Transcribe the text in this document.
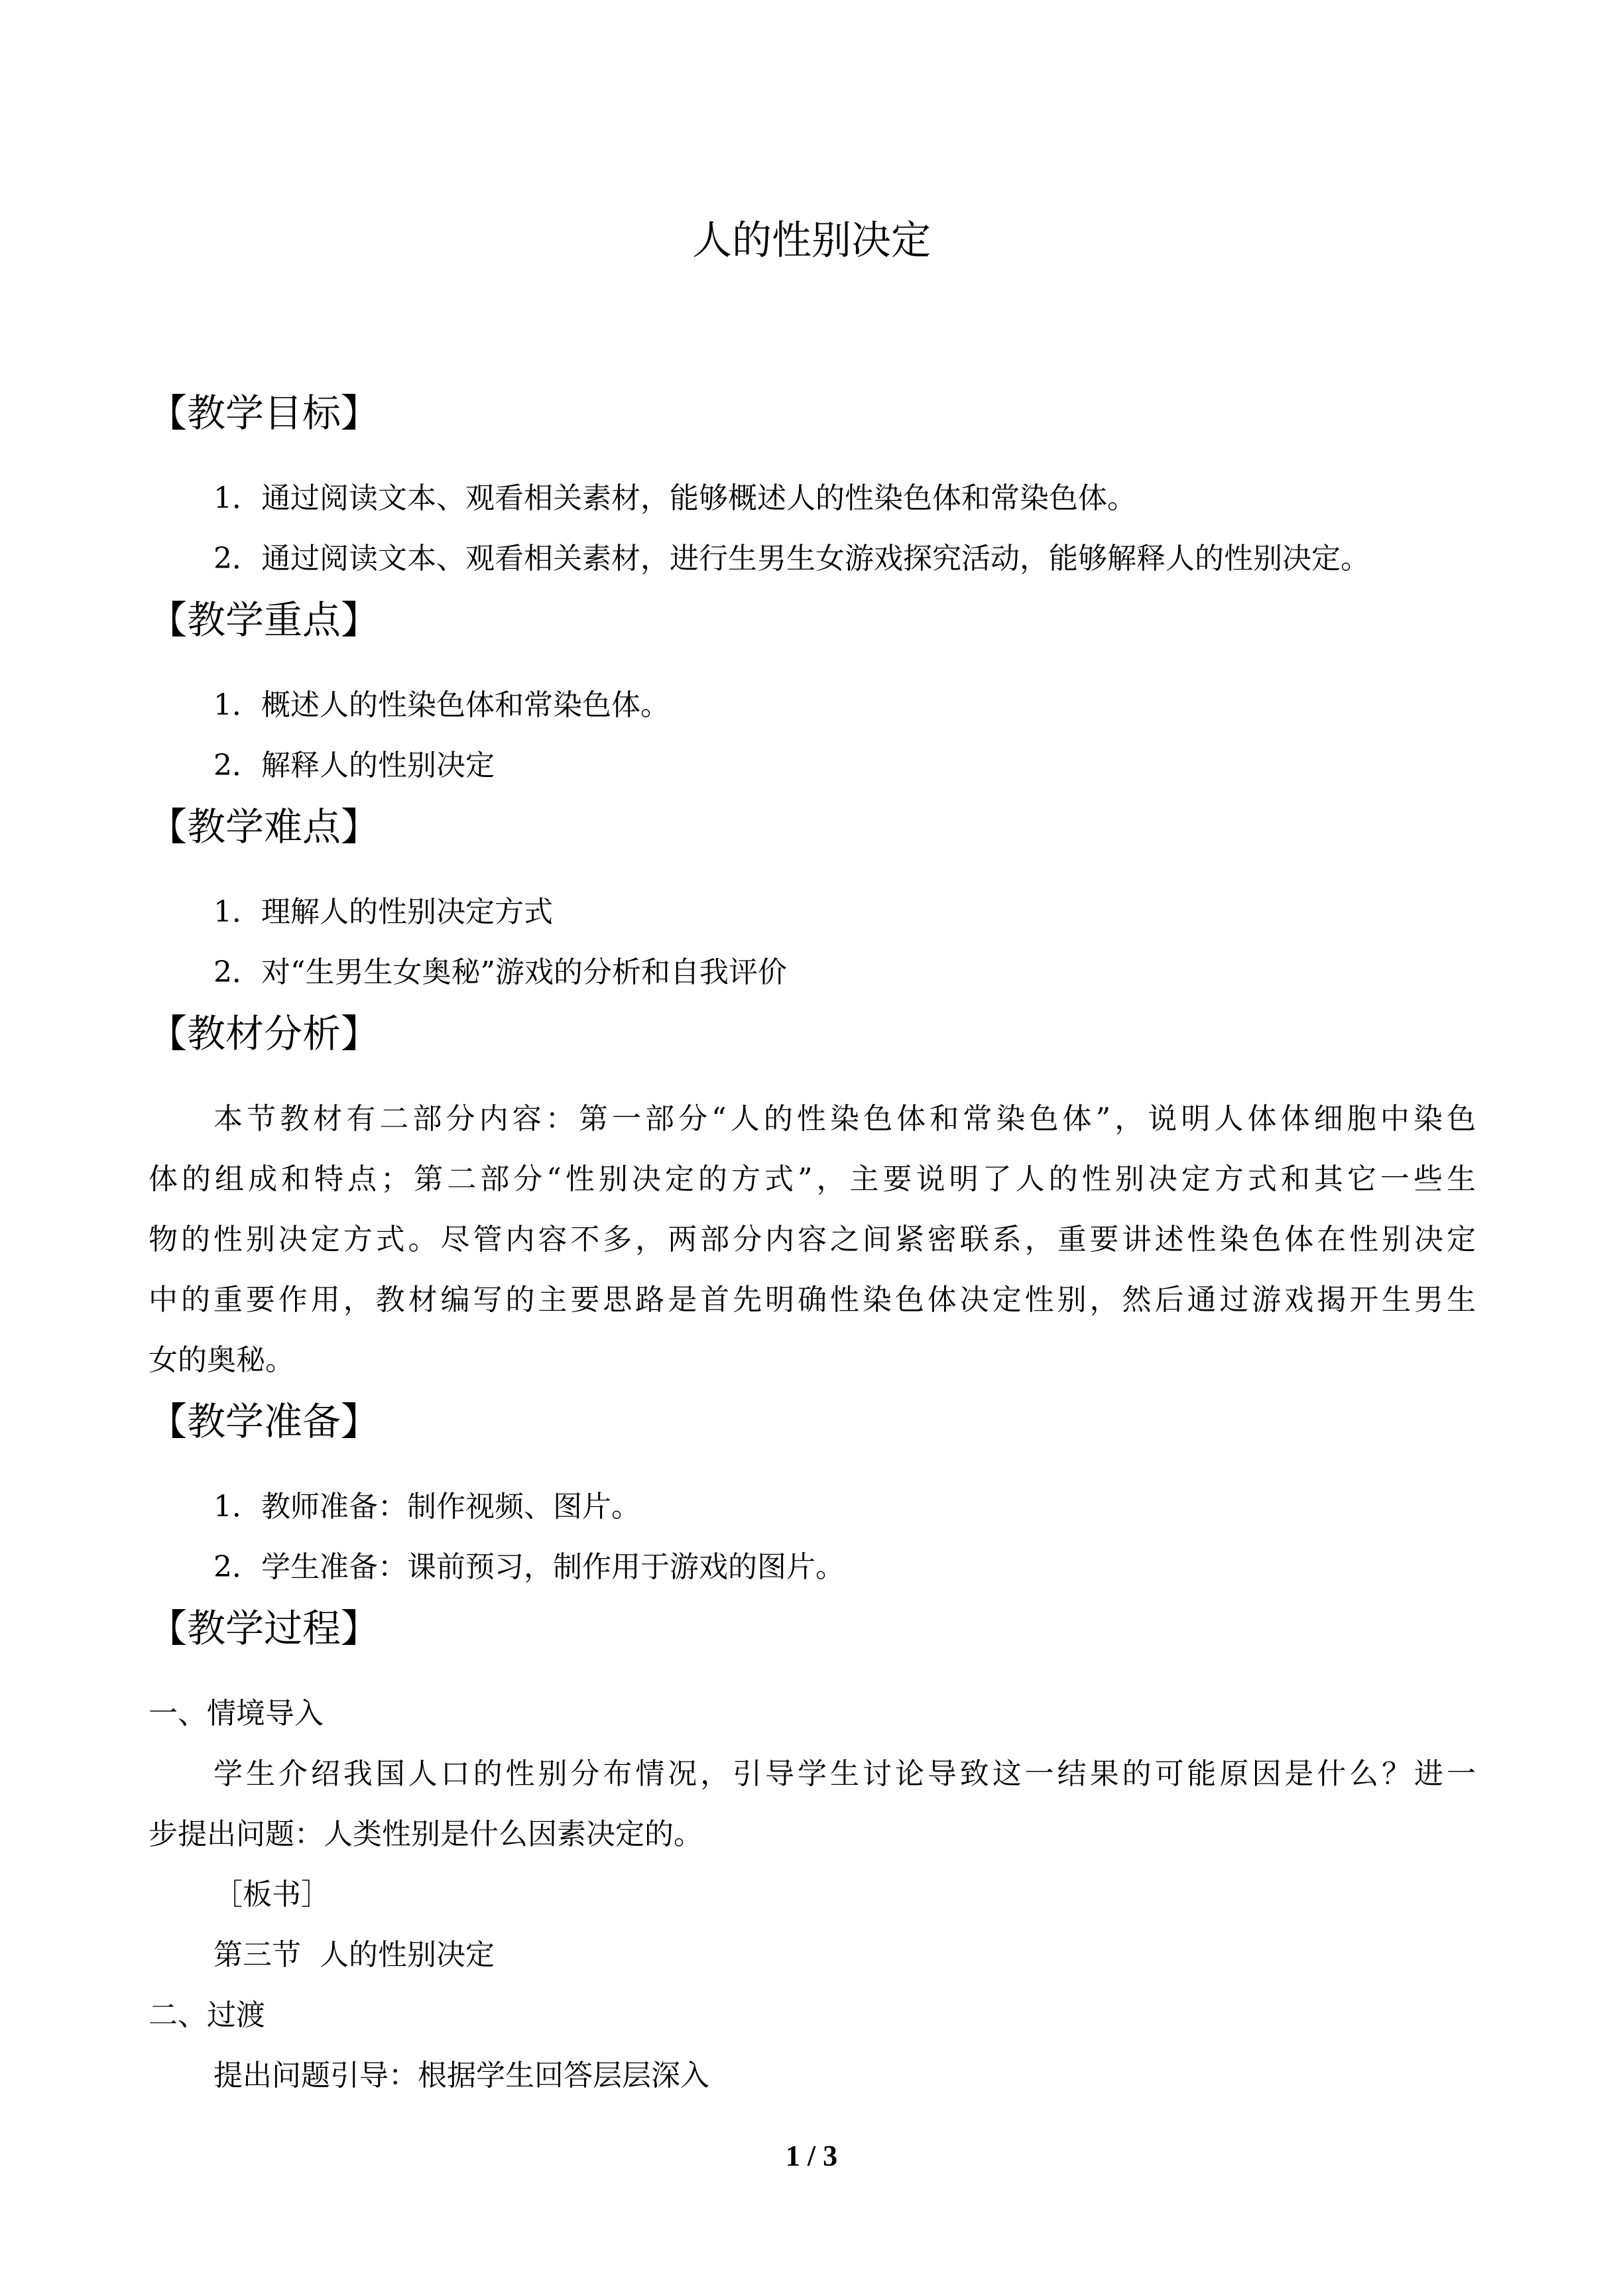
人的性别决定
【教学目标】
1．通过阅读文本、观看相关素材，能够概述人的性染色体和常染色体。
2．通过阅读文本、观看相关素材，进行生男生女游戏探究活动，能够解释人的性别决定。
【教学重点】
1．概述人的性染色体和常染色体。
2．解释人的性别决定
【教学难点】
1．理解人的性别决定方式
2．对“生男生女奥秘”游戏的分析和自我评价
【教材分析】
本节教材有二部分内容：第一部分“人的性染色体和常染色体”，说明人体体细胞中染色
体的组成和特点；第二部分“性别决定的方式”，主要说明了人的性别决定方式和其它一些生
物的性别决定方式。尽管内容不多，两部分内容之间紧密联系，重要讲述性染色体在性别决定
中的重要作用，教材编写的主要思路是首先明确性染色体决定性别，然后通过游戏揭开生男生
女的奥秘。
【教学准备】
1．教师准备：制作视频、图片。
2．学生准备：课前预习，制作用于游戏的图片。
【教学过程】
一、情境导入
学生介绍我国人口的性别分布情况，引导学生讨论导致这一结果的可能原因是什么？进一
步提出问题：人类性别是什么因素决定的。
［板书］
第三节  人的性别决定
二、过渡
提出问题引导：根据学生回答层层深入
1 / 3
